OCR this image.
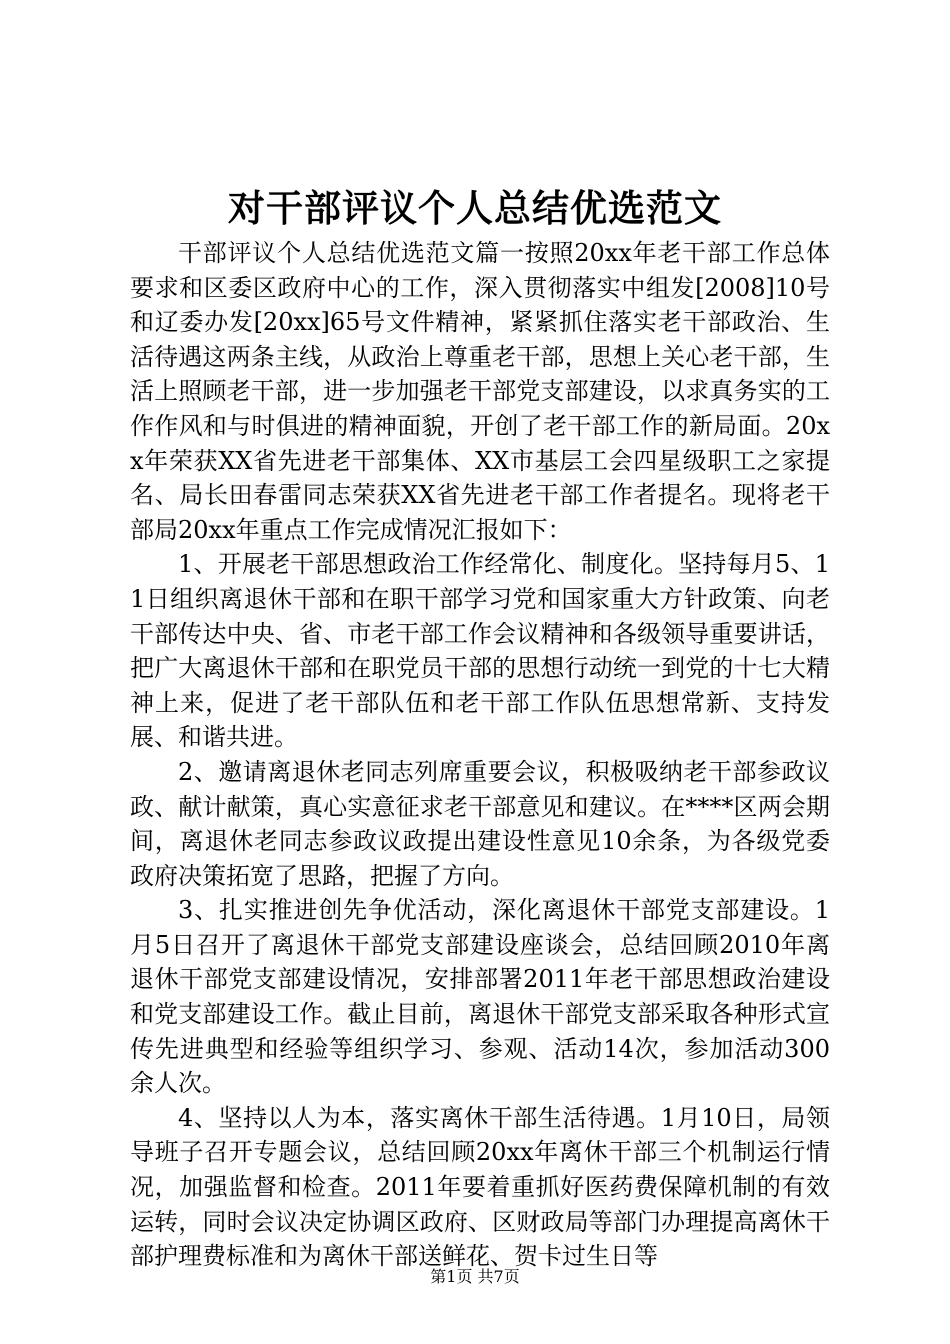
对干部评议个人总结优选范文

干部评议个人总结优选范文篇一按照20xx年老干部工作总体要求和区委区政府中心的工作，深入贯彻落实中组发[2008]10号和辽委办发[20xx]65号文件精神，紧紧抓住落实老干部政治、生活待遇这两条主线，从政治上尊重老干部，思想上关心老干部，生活上照顾老干部，进一步加强老干部党支部建设，以求真务实的工作作风和与时俱进的精神面貌，开创了老干部工作的新局面。20xx年荣获XX省先进老干部集体、XX市基层工会四星级职工之家提名、局长田春雷同志荣获XX省先进老干部工作者提名。现将老干部局20xx年重点工作完成情况汇报如下：

1、开展老干部思想政治工作经常化、制度化。坚持每月5、11日组织离退休干部和在职干部学习党和国家重大方针政策、向老干部传达中央、省、市老干部工作会议精神和各级领导重要讲话，把广大离退休干部和在职党员干部的思想行动统一到党的十七大精神上来，促进了老干部队伍和老干部工作队伍思想常新、支持发展、和谐共进。

2、邀请离退休老同志列席重要会议，积极吸纳老干部参政议政、献计献策，真心实意征求老干部意见和建议。在****区两会期间，离退休老同志参政议政提出建设性意见10余条，为各级党委政府决策拓宽了思路，把握了方向。

3、扎实推进创先争优活动，深化离退休干部党支部建设。1月5日召开了离退休干部党支部建设座谈会，总结回顾2010年离退休干部党支部建设情况，安排部署2011年老干部思想政治建设和党支部建设工作。截止目前，离退休干部党支部采取各种形式宣传先进典型和经验等组织学习、参观、活动14次，参加活动300余人次。

4、坚持以人为本，落实离休干部生活待遇。1月10日，局领导班子召开专题会议，总结回顾20xx年离休干部三个机制运行情况，加强监督和检查。2011年要着重抓好医药费保障机制的有效运转，同时会议决定协调区政府、区财政局等部门办理提高离休干部护理费标准和为离休干部送鲜花、贺卡过生日等

第1页 共7页
